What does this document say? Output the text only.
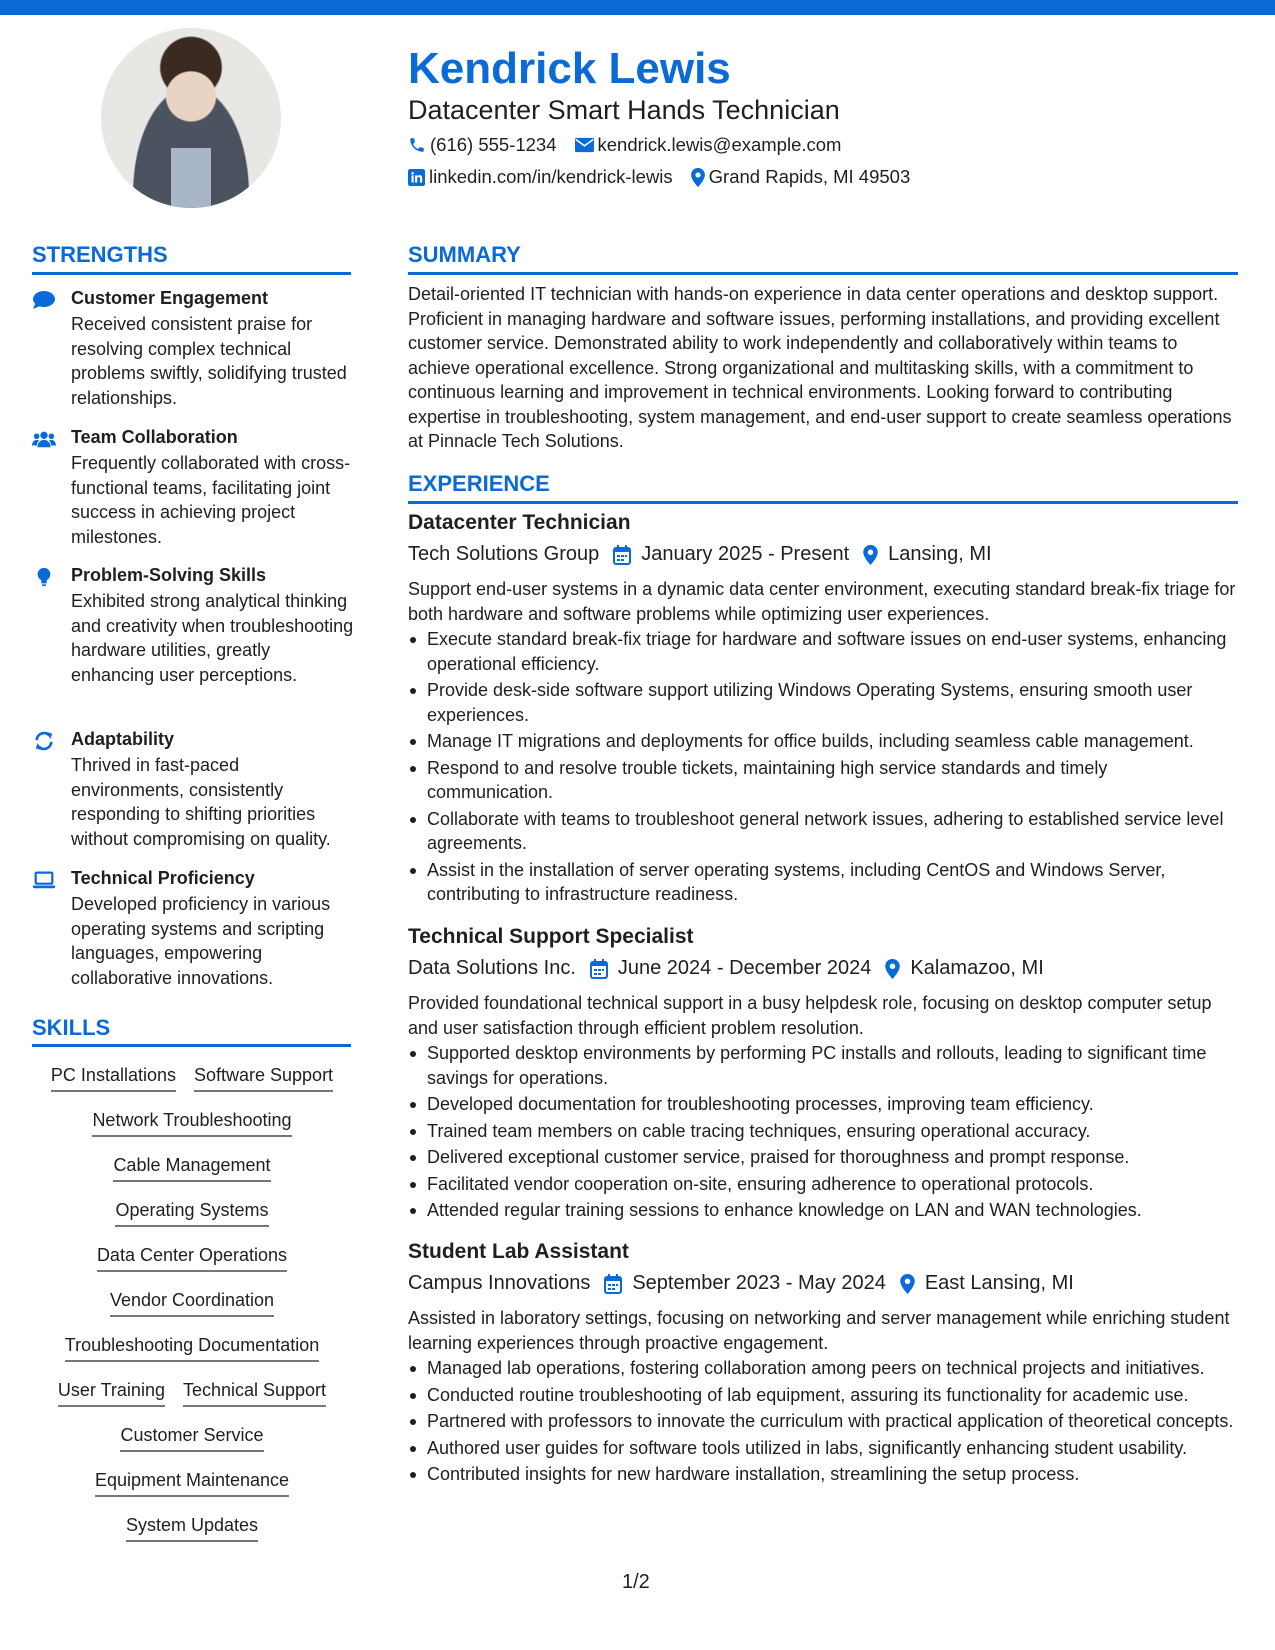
Kendrick Lewis
Datacenter Smart Hands Technician
(616) 555-1234 kendrick.lewis@example.com
linkedin.com/in/kendrick-lewis Grand Rapids, MI 49503
STRENGTHS
Customer Engagement
Received consistent praise for resolving complex technical problems swiftly, solidifying trusted relationships.
Team Collaboration
Frequently collaborated with cross-functional teams, facilitating joint success in achieving project milestones.
Problem-Solving Skills
Exhibited strong analytical thinking and creativity when troubleshooting hardware utilities, greatly enhancing user perceptions.
Adaptability
Thrived in fast-paced environments, consistently responding to shifting priorities without compromising on quality.
Technical Proficiency
Developed proficiency in various operating systems and scripting languages, empowering collaborative innovations.
SKILLS
PC Installations Software Support
Network Troubleshooting
Cable Management
Operating Systems
Data Center Operations
Vendor Coordination
Troubleshooting Documentation
User Training Technical Support
Customer Service
Equipment Maintenance
System Updates
SUMMARY
Detail-oriented IT technician with hands-on experience in data center operations and desktop support. Proficient in managing hardware and software issues, performing installations, and providing excellent customer service. Demonstrated ability to work independently and collaboratively within teams to achieve operational excellence. Strong organizational and multitasking skills, with a commitment to continuous learning and improvement in technical environments. Looking forward to contributing expertise in troubleshooting, system management, and end-user support to create seamless operations at Pinnacle Tech Solutions.
EXPERIENCE
Datacenter Technician
Tech Solutions Group January 2025 - Present Lansing, MI
Support end-user systems in a dynamic data center environment, executing standard break-fix triage for both hardware and software problems while optimizing user experiences.
Execute standard break-fix triage for hardware and software issues on end-user systems, enhancing operational efficiency.
Provide desk-side software support utilizing Windows Operating Systems, ensuring smooth user experiences.
Manage IT migrations and deployments for office builds, including seamless cable management.
Respond to and resolve trouble tickets, maintaining high service standards and timely communication.
Collaborate with teams to troubleshoot general network issues, adhering to established service level agreements.
Assist in the installation of server operating systems, including CentOS and Windows Server, contributing to infrastructure readiness.
Technical Support Specialist
Data Solutions Inc. June 2024 - December 2024 Kalamazoo, MI
Provided foundational technical support in a busy helpdesk role, focusing on desktop computer setup and user satisfaction through efficient problem resolution.
Supported desktop environments by performing PC installs and rollouts, leading to significant time savings for operations.
Developed documentation for troubleshooting processes, improving team efficiency.
Trained team members on cable tracing techniques, ensuring operational accuracy.
Delivered exceptional customer service, praised for thoroughness and prompt response.
Facilitated vendor cooperation on-site, ensuring adherence to operational protocols.
Attended regular training sessions to enhance knowledge on LAN and WAN technologies.
Student Lab Assistant
Campus Innovations September 2023 - May 2024 East Lansing, MI
Assisted in laboratory settings, focusing on networking and server management while enriching student learning experiences through proactive engagement.
Managed lab operations, fostering collaboration among peers on technical projects and initiatives.
Conducted routine troubleshooting of lab equipment, assuring its functionality for academic use.
Partnered with professors to innovate the curriculum with practical application of theoretical concepts.
Authored user guides for software tools utilized in labs, significantly enhancing student usability.
Contributed insights for new hardware installation, streamlining the setup process.
1/2
